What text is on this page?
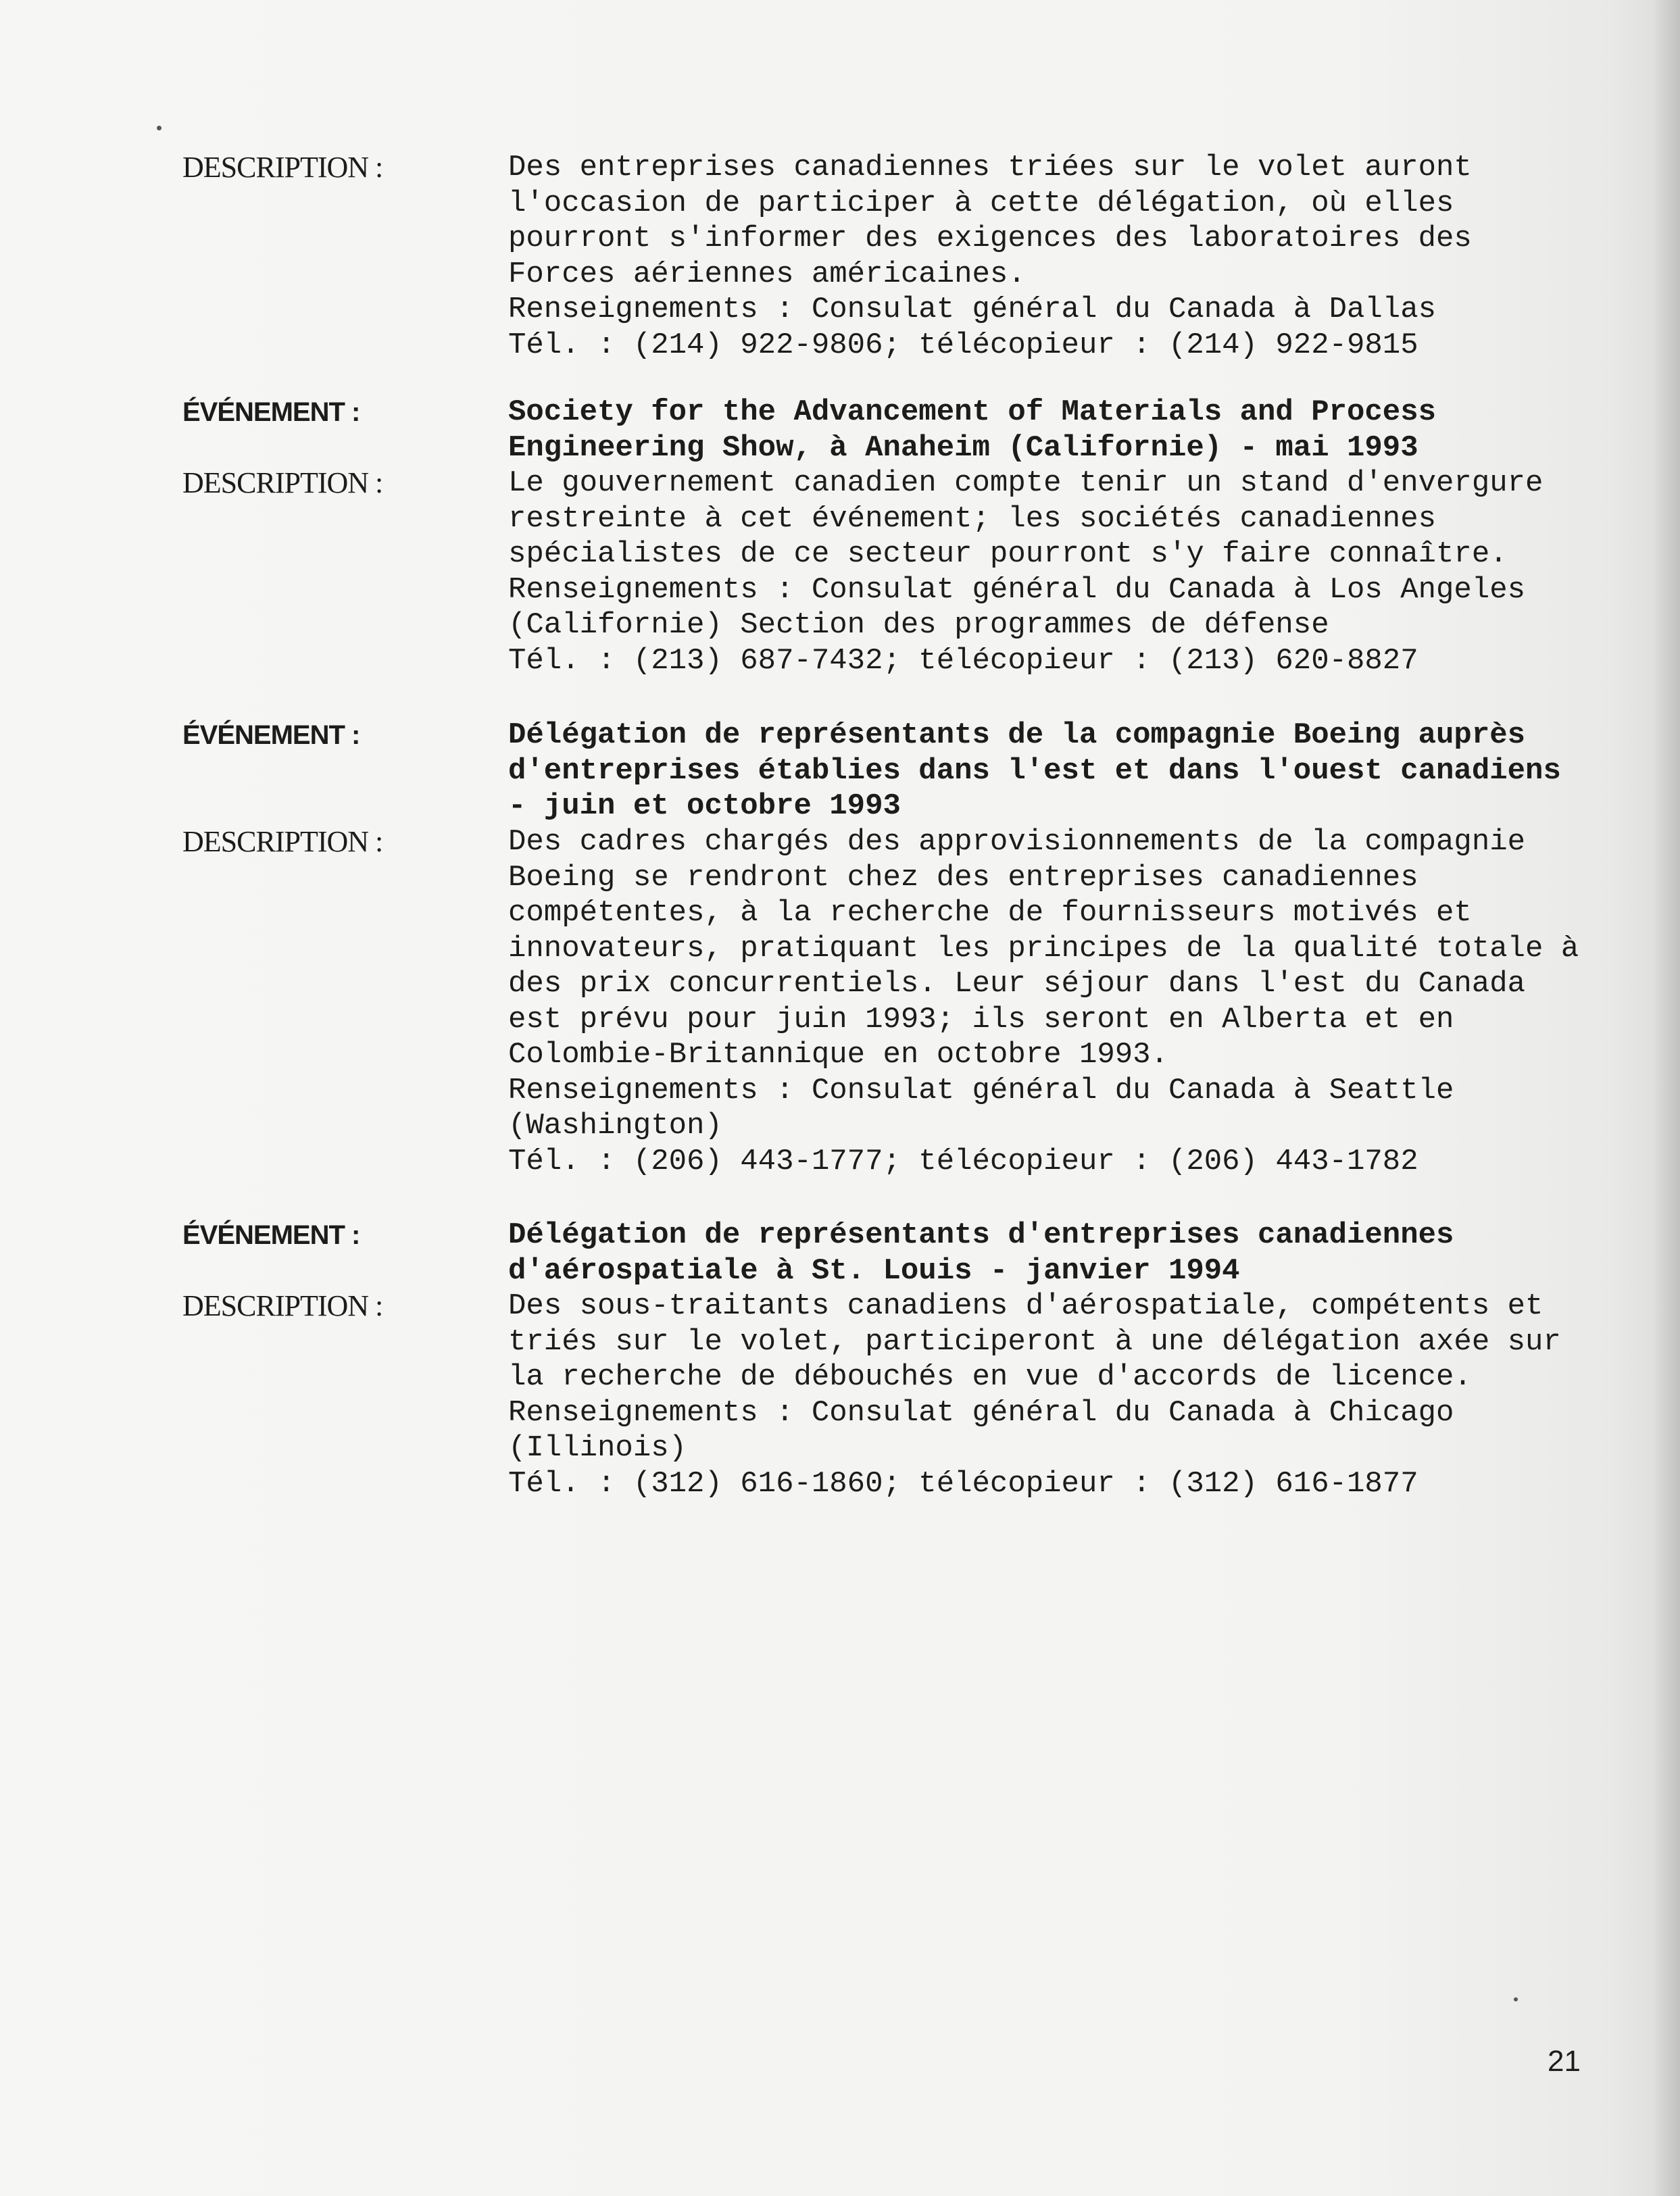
DESCRIPTION :	Des entreprises canadiennes triées sur le volet auront
l'occasion de participer à cette délégation, où elles
pourront s'informer des exigences des laboratoires des
Forces aériennes américaines.
Renseignements : Consulat général du Canada à Dallas
Tél. : (214) 922-9806; télécopieur : (214) 922-9815
ÉVÉNEMENT :	Society for the Advancement of Materials and Process
Engineering Show, à Anaheim (Californie) - mai 1993
DESCRIPTION :	Le gouvernement canadien compte tenir un stand d'envergure
restreinte à cet événement; les sociétés canadiennes
spécialistes de ce secteur pourront s'y faire connaître.
Renseignements : Consulat général du Canada à Los Angeles
(Californie) Section des programmes de défense
Tél. : (213) 687-7432; télécopieur : (213) 620-8827
ÉVÉNEMENT :	Délégation de représentants de la compagnie Boeing auprès
d'entreprises établies dans l'est et dans l'ouest canadiens
- juin et octobre 1993
DESCRIPTION :	Des cadres chargés des approvisionnements de la compagnie
Boeing se rendront chez des entreprises canadiennes
compétentes, à la recherche de fournisseurs motivés et
innovateurs, pratiquant les principes de la qualité totale à
des prix concurrentiels. Leur séjour dans l'est du Canada
est prévu pour juin 1993; ils seront en Alberta et en
Colombie-Britannique en octobre 1993.
Renseignements : Consulat général du Canada à Seattle
(Washington)
Tél. : (206) 443-1777; télécopieur : (206) 443-1782
ÉVÉNEMENT :	Délégation de représentants d'entreprises canadiennes
d'aérospatiale à St. Louis - janvier 1994
DESCRIPTION :	Des sous-traitants canadiens d'aérospatiale, compétents et
triés sur le volet, participeront à une délégation axée sur
la recherche de débouchés en vue d'accords de licence.
Renseignements : Consulat général du Canada à Chicago
(Illinois)
Tél. : (312) 616-1860; télécopieur : (312) 616-1877
21
